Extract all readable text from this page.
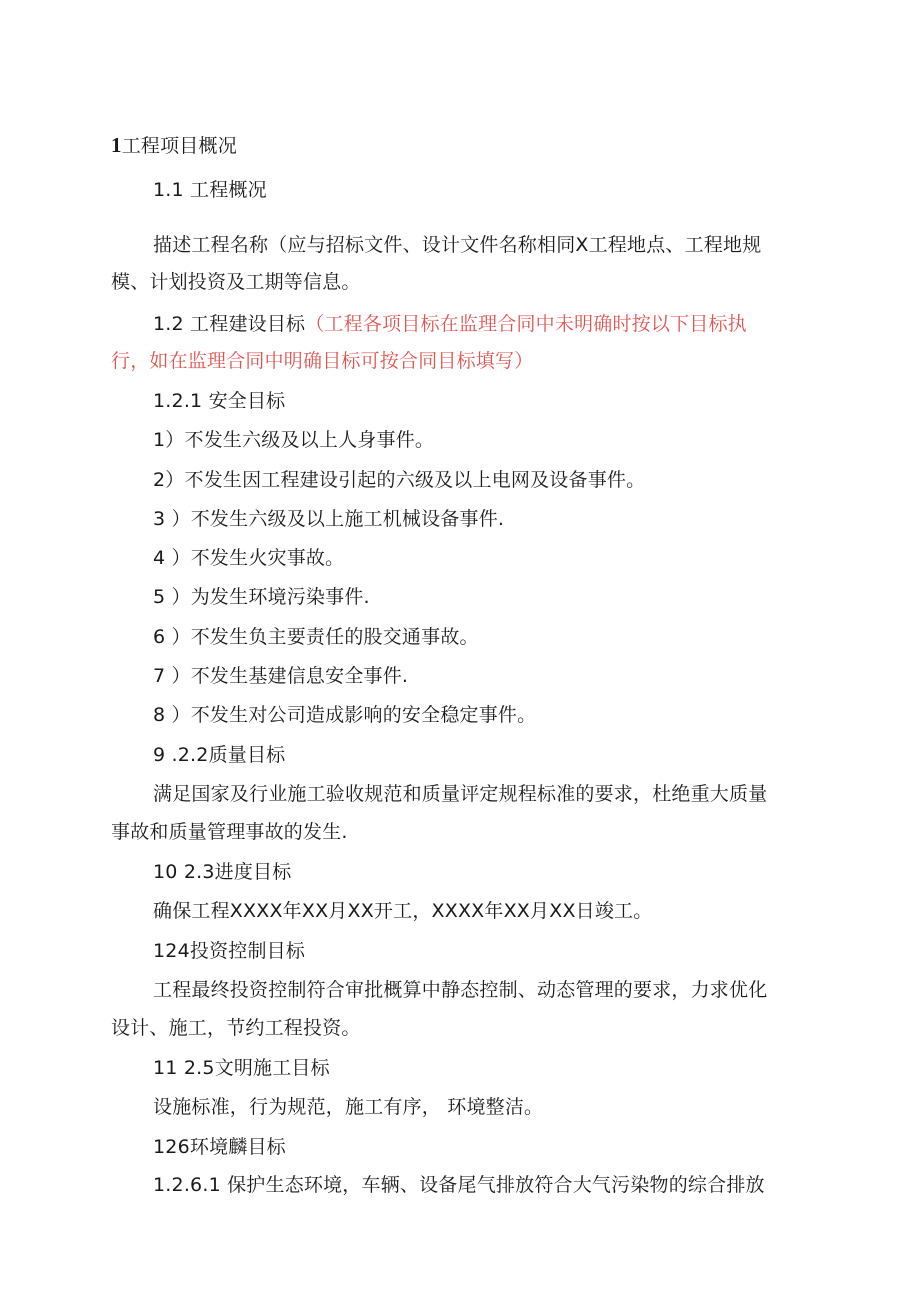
1工程项目概况
1.1 工程概况
描述工程名称（应与招标文件、设计文件名称相同X工程地点、工程地规
模、计划投资及工期等信息。
1.2 工程建设目标（工程各项目标在监理合同中未明确时按以下目标执
行，如在监理合同中明确目标可按合同目标填写）
1.2.1 安全目标
1）不发生六级及以上人身事件。
2）不发生因工程建设引起的六级及以上电网及设备事件。
3 ）不发生六级及以上施工机械设备事件.
4 ）不发生火灾事故。
5 ）为发生环境污染事件.
6 ）不发生负主要责任的股交通事故。
7 ）不发生基建信息安全事件.
8 ）不发生对公司造成影响的安全稳定事件。
9 .2.2质量目标
满足国家及行业施工验收规范和质量评定规程标准的要求，杜绝重大质量
事故和质量管理事故的发生.
10 2.3进度目标
确保工程XXXX年XX月XX开工，XXXX年XX月XX日竣工。
124投资控制目标
工程最终投资控制符合审批概算中静态控制、动态管理的要求，力求优化
设计、施工，节约工程投资。
11 2.5文明施工目标
设施标准，行为规范，施工有序， 环境整洁。
126环境麟目标
1.2.6.1 保护生态环境，车辆、设备尾气排放符合大气污染物的综合排放
